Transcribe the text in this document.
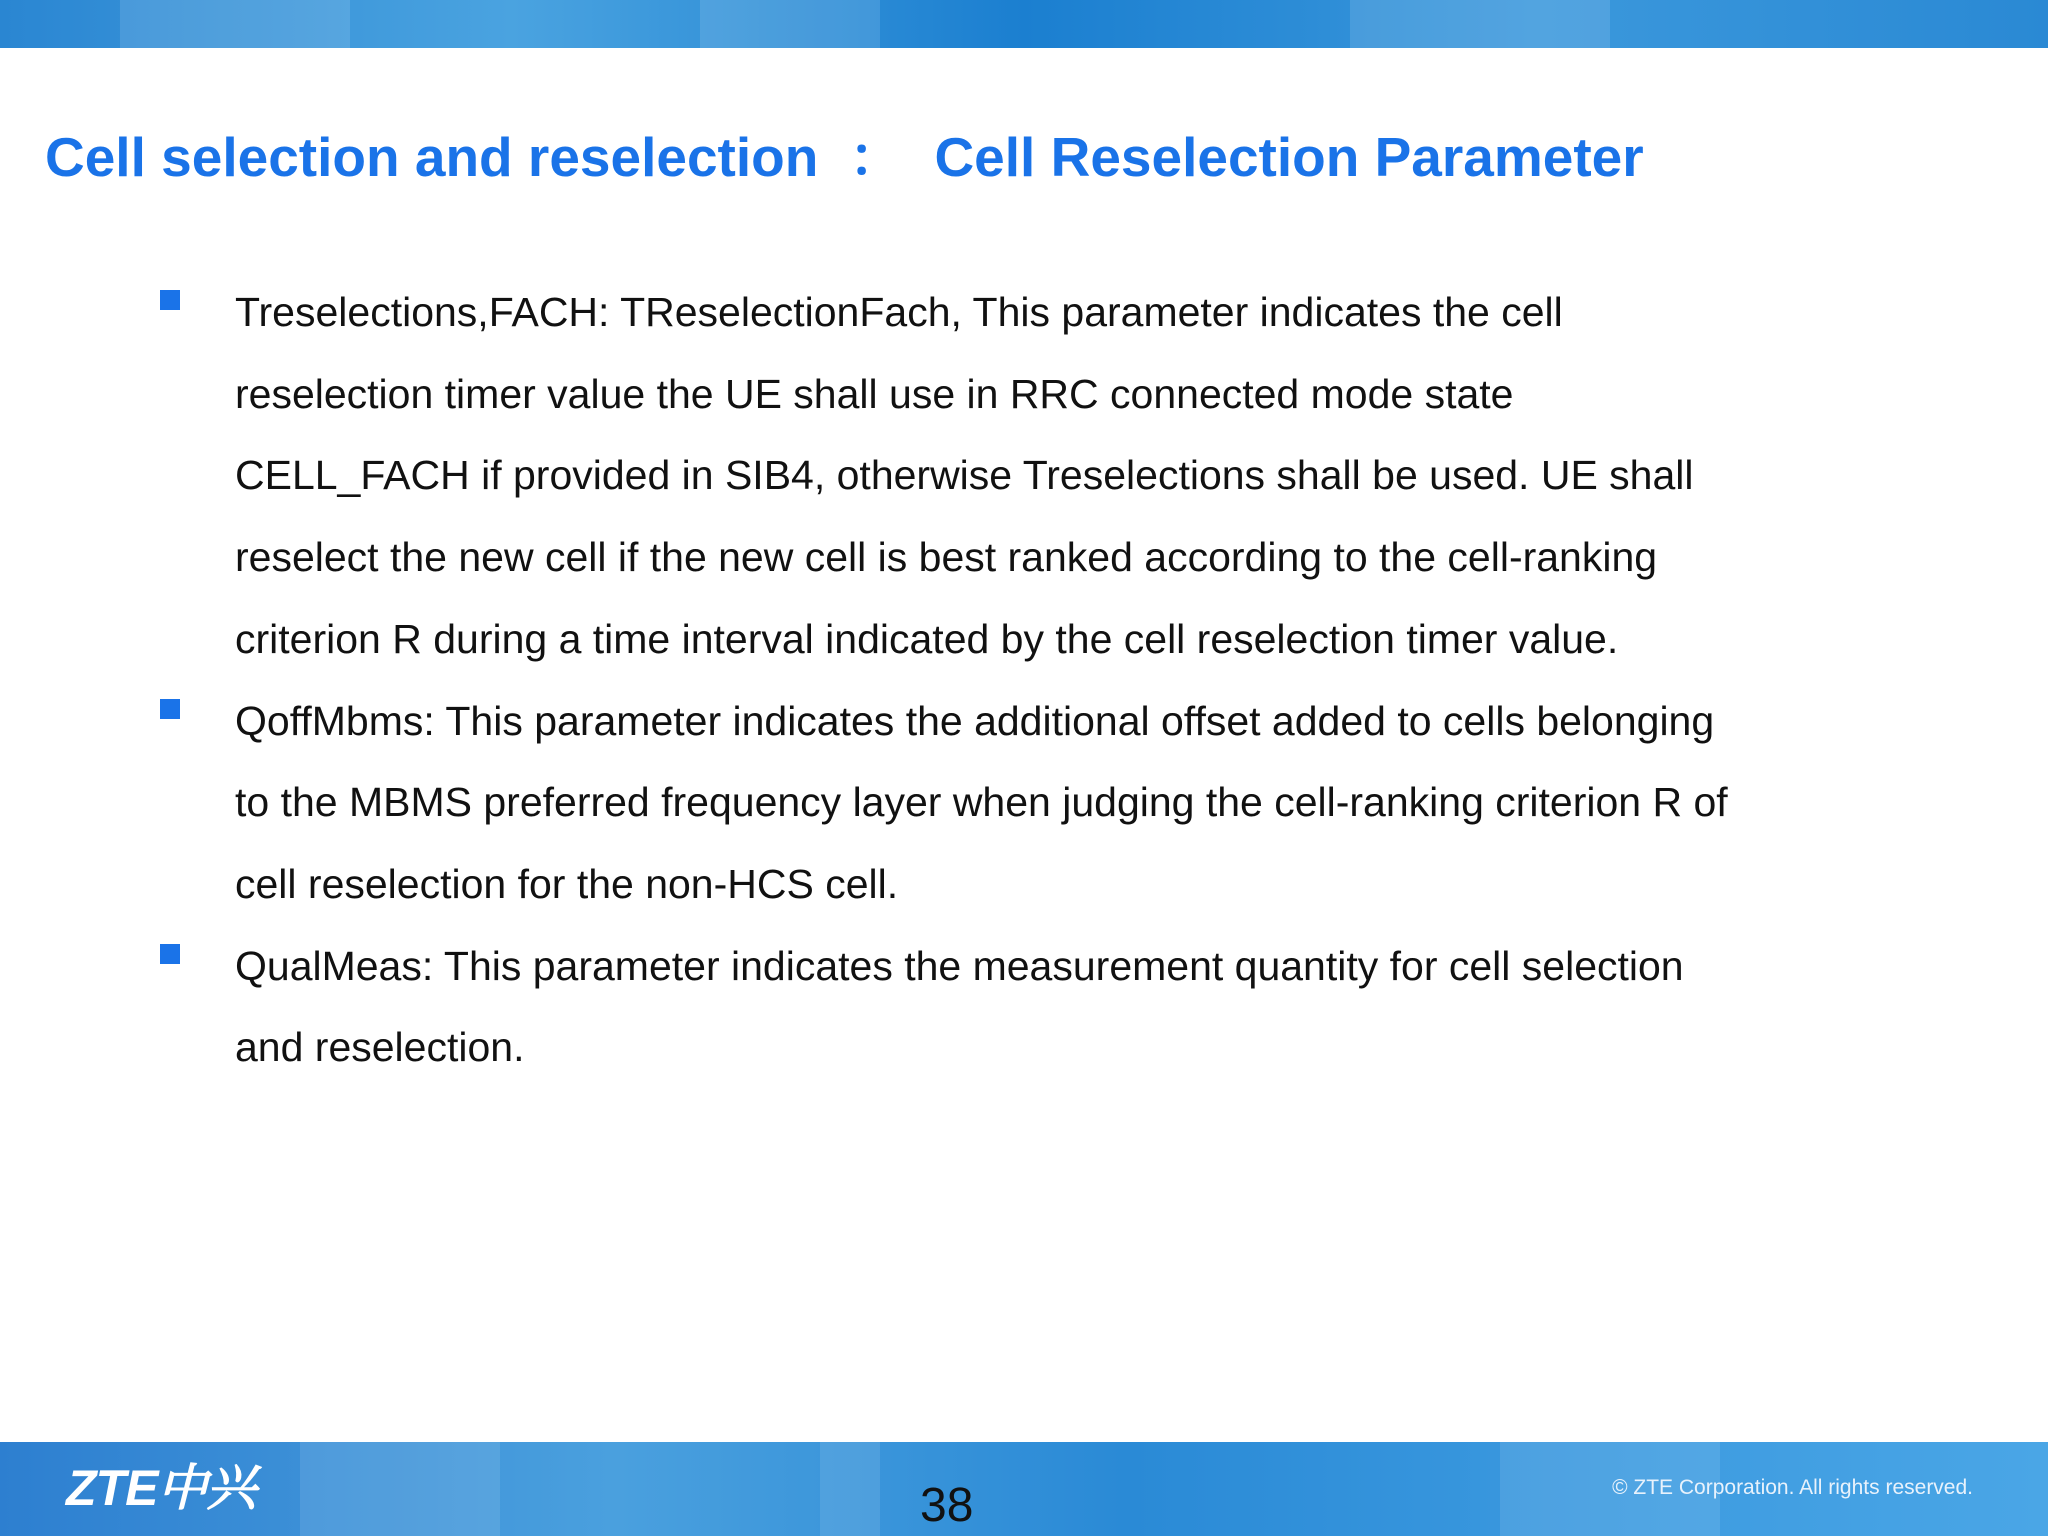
Cell selection and reselection  ：  Cell Reseleсtion Parameter
Treselections,FACH: TReselectionFach, This parameter indicates the cell
reselection timer value the UE shall use in RRC connected mode state
CELL_FACH if provided in SIB4, otherwise Treselections shall be used. UE shall
reselect the new cell if the new cell is best ranked according to the cell-ranking
criterion R during a time interval indicated by the cell reselection timer value.
QoffMbms: This parameter indicates the additional offset added to cells belonging
to the MBMS preferred frequency layer when judging the cell-ranking criterion R of
cell reselection for the non-HCS cell.
QualMeas: This parameter indicates the measurement quantity for cell selection
and reselection.
ZTE中兴	38	© ZTE Corporation. All rights reserved.
